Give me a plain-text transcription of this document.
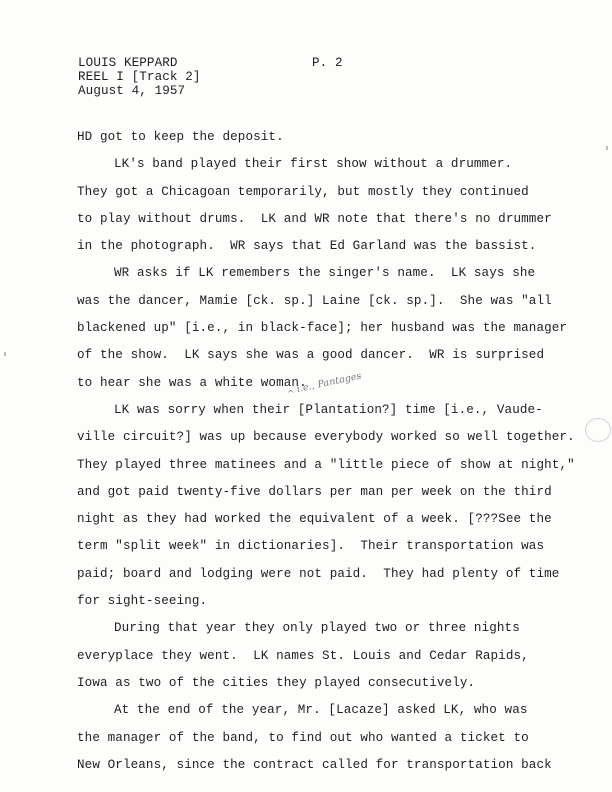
LOUIS KEPPARD	P. 2
REEL I [Track 2]
August 4, 1957
HD got to keep the deposit.
LK's band played their first show without a drummer.
They got a Chicagoan temporarily, but mostly they continued
to play without drums.  LK and WR note that there's no drummer
in the photograph.  WR says that Ed Garland was the bassist.
WR asks if LK remembers the singer's name.  LK says she
was the dancer, Mamie [ck. sp.] Laine [ck. sp.].  She was "all
blackened up" [i.e., in black-face]; her husband was the manager
of the show.  LK says she was a good dancer.  WR is surprised
to hear she was a white woman.
LK was sorry when their [Plantation?] time [i.e., Vaude-
ville circuit?] was up because everybody worked so well together.
They played three matinees and a "little piece of show at night,"
and got paid twenty-five dollars per man per week on the third
night as they had worked the equivalent of a week. [???See the
term "split week" in dictionaries].  Their transportation was
paid; board and lodging were not paid.  They had plenty of time
for sight-seeing.
During that year they only played two or three nights
everyplace they went.  LK names St. Louis and Cedar Rapids,
Iowa as two of the cities they played consecutively.
At the end of the year, Mr. [Lacaze] asked LK, who was
the manager of the band, to find out who wanted a ticket to
New Orleans, since the contract called for transportation back
^ i.e., Pantages
